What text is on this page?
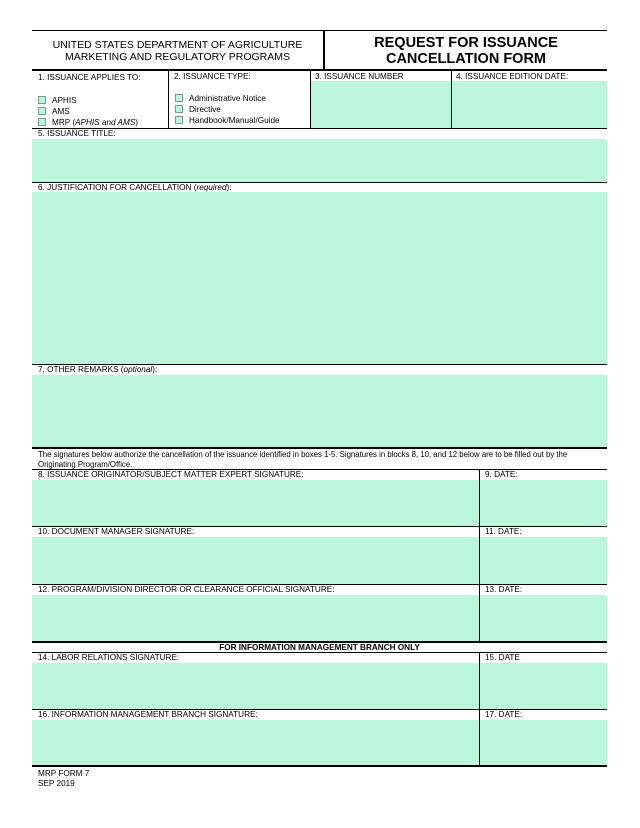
UNITED STATES DEPARTMENT OF AGRICULTURE
MARKETING AND REGULATORY PROGRAMS
REQUEST FOR ISSUANCE
CANCELLATION FORM
1. ISSUANCE APPLIES TO:
APHIS
AMS
MRP (APHIS and AMS)
2. ISSUANCE TYPE:
Administrative Notice
Directive
Handbook/Manual/Guide
3. ISSUANCE NUMBER	4. ISSUANCE EDITION DATE:
5. ISSUANCE TITLE:
6. JUSTIFICATION FOR CANCELLATION (required):
7. OTHER REMARKS (optional):
The signatures below authorize the cancellation of the issuance identified in boxes 1-5. Signatures in blocks 8, 10, and 12 below are to be filled out by the Originating Program/Office.
8. ISSUANCE ORIGINATOR/SUBJECT MATTER EXPERT SIGNATURE:	9. DATE:
10. DOCUMENT MANAGER SIGNATURE:	11. DATE:
12. PROGRAM/DIVISION DIRECTOR OR CLEARANCE OFFICIAL SIGNATURE:	13. DATE:
FOR INFORMATION MANAGEMENT BRANCH ONLY
14. LABOR RELATIONS SIGNATURE:	15. DATE
16. INFORMATION MANAGEMENT BRANCH SIGNATURE:	17. DATE:
MRP FORM 7
SEP 2019
